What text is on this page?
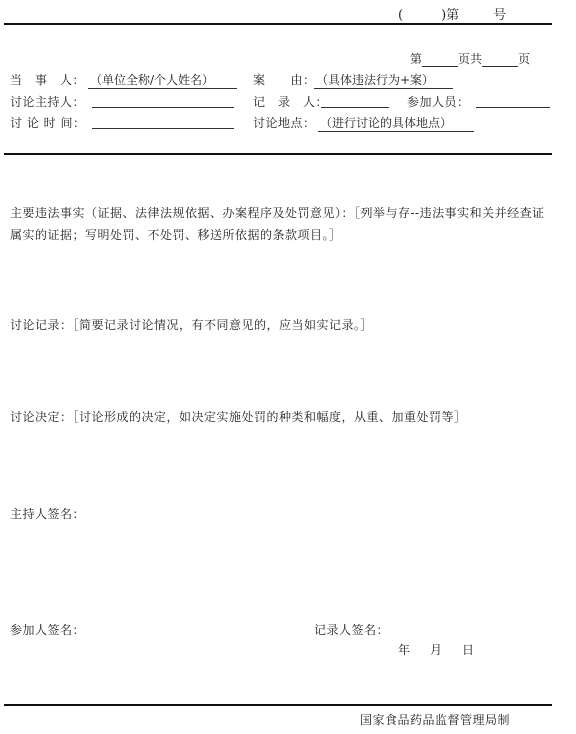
(	)第	号
第	页共	页
当　事　人： （单位全称/个人姓名）	案　　由： （具体违法行为+案）
讨论主持人：	记　录　人：	参加人员：
讨 论 时 间：	讨论地点： （进行讨论的具体地点）
主要违法事实（证据、法律法规依据、办案程序及处罚意见）：［列举与存--违法事实和关并经查证属实的证据；写明处罚、不处罚、移送所依据的条款项目。］
讨论记录：［简要记录讨论情况，有不同意见的，应当如实记录。］
讨论决定：［讨论形成的决定，如决定实施处罚的种类和幅度，从重、加重处罚等］
主持人签名：
参加人签名：	记录人签名：
年 月 日
国家食品药品监督管理局制
